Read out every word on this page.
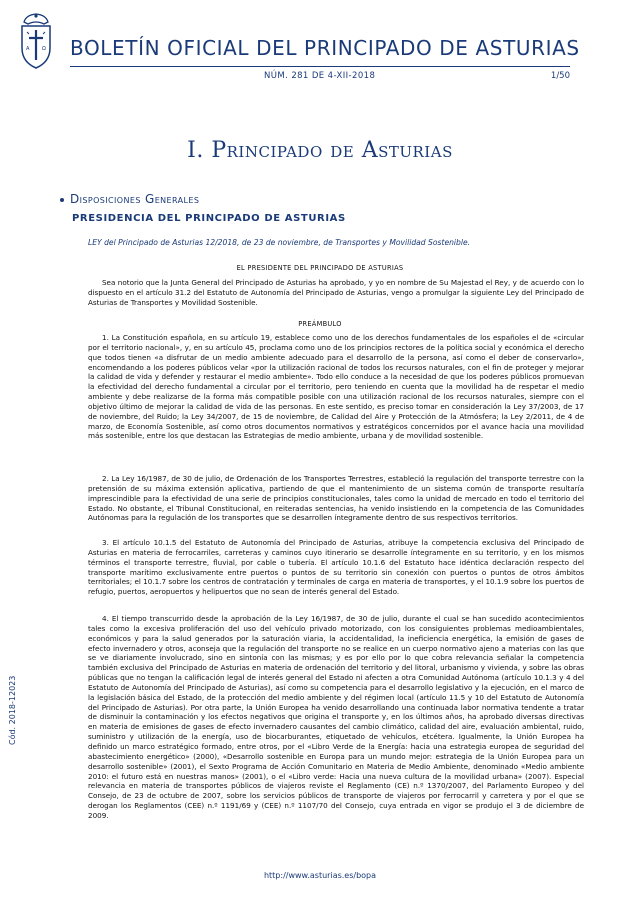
A	Ω BOLETÍN OFICIAL DEL PRINCIPADO DE ASTURIAS
NÚM. 281 DE 4-XII-2018	1/50
I. Principado de Asturias
Disposiciones Generales
PRESIDENCIA DEL PRINCIPADO DE ASTURIAS
LEY del Principado de Asturias 12/2018, de 23 de noviembre, de Transportes y Movilidad Sostenible.
EL PRESIDENTE DEL PRINCIPADO DE ASTURIAS
Sea notorio que la Junta General del Principado de Asturias ha aprobado, y yo en nombre de Su Majestad el Rey, y de acuerdo con lo dispuesto en el artículo 31.2 del Estatuto de Autonomía del Principado de Asturias, vengo a promulgar la siguiente Ley del Principado de Asturias de Transportes y Movilidad Sostenible.
PREÁMBULO
1. La Constitución española, en su artículo 19, establece como uno de los derechos fundamentales de los españoles el de «circular por el territorio nacional», y, en su artículo 45, proclama como uno de los principios rectores de la política social y económica el derecho que todos tienen «a disfrutar de un medio ambiente adecuado para el desarrollo de la persona, así como el deber de conservarlo», encomendando a los poderes públicos velar «por la utilización racional de todos los recursos naturales, con el fin de proteger y mejorar la calidad de vida y defender y restaurar el medio ambiente». Todo ello conduce a la necesidad de que los poderes públicos promuevan la efectividad del derecho fundamental a circular por el territorio, pero teniendo en cuenta que la movilidad ha de respetar el medio ambiente y debe realizarse de la forma más compatible posible con una utilización racional de los recursos naturales, siempre con el objetivo último de mejorar la calidad de vida de las personas. En este sentido, es preciso tomar en consideración la Ley 37/2003, de 17 de noviembre, del Ruido; la Ley 34/2007, de 15 de noviembre, de Calidad del Aire y Protección de la Atmósfera; la Ley 2/2011, de 4 de marzo, de Economía Sostenible, así como otros documentos normativos y estratégicos concernidos por el avance hacia una movilidad más sostenible, entre los que destacan las Estrategias de medio ambiente, urbana y de movilidad sostenible.
2. La Ley 16/1987, de 30 de julio, de Ordenación de los Transportes Terrestres, estableció la regulación del transporte terrestre con la pretensión de su máxima extensión aplicativa, partiendo de que el mantenimiento de un sistema común de transporte resultaría imprescindible para la efectividad de una serie de principios constitucionales, tales como la unidad de mercado en todo el territorio del Estado. No obstante, el Tribunal Constitucional, en reiteradas sentencias, ha venido insistiendo en la competencia de las Comunidades Autónomas para la regulación de los transportes que se desarrollen íntegramente dentro de sus respectivos territorios.
3. El artículo 10.1.5 del Estatuto de Autonomía del Principado de Asturias, atribuye la competencia exclusiva del Principado de Asturias en materia de ferrocarriles, carreteras y caminos cuyo itinerario se desarrolle íntegramente en su territorio, y en los mismos términos el transporte terrestre, fluvial, por cable o tubería. El artículo 10.1.6 del Estatuto hace idéntica declaración respecto del transporte marítimo exclusivamente entre puertos o puntos de su territorio sin conexión con puertos o puntos de otros ámbitos territoriales; el 10.1.7 sobre los centros de contratación y terminales de carga en materia de transportes, y el 10.1.9 sobre los puertos de refugio, puertos, aeropuertos y helipuertos que no sean de interés general del Estado.
4. El tiempo transcurrido desde la aprobación de la Ley 16/1987, de 30 de julio, durante el cual se han sucedido acontecimientos tales como la excesiva proliferación del uso del vehículo privado motorizado, con los consiguientes problemas medioambientales, económicos y para la salud generados por la saturación viaria, la accidentalidad, la ineficiencia energética, la emisión de gases de efecto invernadero y otros, aconseja que la regulación del transporte no se realice en un cuerpo normativo ajeno a materias con las que se ve diariamente involucrado, sino en sintonía con las mismas; y es por ello por lo que cobra relevancia señalar la competencia también exclusiva del Principado de Asturias en materia de ordenación del territorio y del litoral, urbanismo y vivienda, y sobre las obras públicas que no tengan la calificación legal de interés general del Estado ni afecten a otra Comunidad Autónoma (artículo 10.1.3 y 4 del Estatuto de Autonomía del Principado de Asturias), así como su competencia para el desarrollo legislativo y la ejecución, en el marco de la legislación básica del Estado, de la protección del medio ambiente y del régimen local (artículo 11.5 y 10 del Estatuto de Autonomía del Principado de Asturias). Por otra parte, la Unión Europea ha venido desarrollando una continuada labor normativa tendente a tratar de disminuir la contaminación y los efectos negativos que origina el transporte y, en los últimos años, ha aprobado diversas directivas en materia de emisiones de gases de efecto invernadero causantes del cambio climático, calidad del aire, evaluación ambiental, ruido, suministro y utilización de la energía, uso de biocarburantes, etiquetado de vehículos, etcétera. Igualmente, la Unión Europea ha definido un marco estratégico formado, entre otros, por el «Libro Verde de la Energía: hacia una estrategia europea de seguridad del abastecimiento energético» (2000), «Desarrollo sostenible en Europa para un mundo mejor: estrategia de la Unión Europea para un desarrollo sostenible» (2001), el Sexto Programa de Acción Comunitario en Materia de Medio Ambiente, denominado «Medio ambiente 2010: el futuro está en nuestras manos» (2001), o el «Libro verde: Hacia una nueva cultura de la movilidad urbana» (2007). Especial relevancia en materia de transportes públicos de viajeros reviste el Reglamento (CE) n.º 1370/2007, del Parlamento Europeo y del Consejo, de 23 de octubre de 2007, sobre los servicios públicos de transporte de viajeros por ferrocarril y carretera y por el que se derogan los Reglamentos (CEE) n.º 1191/69 y (CEE) n.º 1107/70 del Consejo, cuya entrada en vigor se produjo el 3 de diciembre de 2009.
Cód. 2018-12023
http://www.asturias.es/bopa
